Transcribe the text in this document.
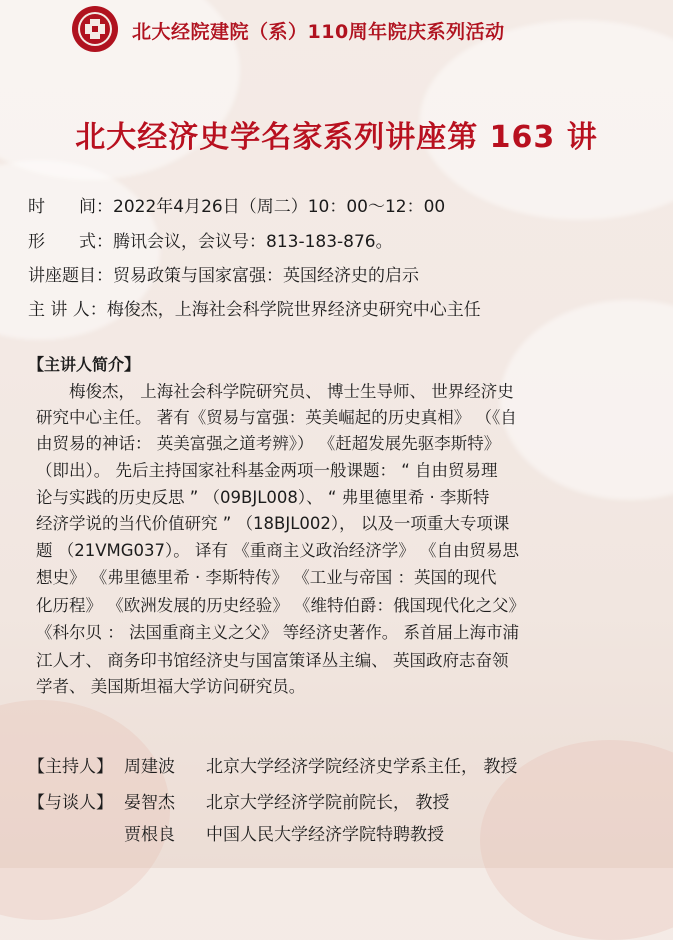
北大经院建院（系）110周年院庆系列活动
北大经济史学名家系列讲座第 163 讲
时　　间：2022年4月26日（周二）10：00～12：00
形　　式：腾讯会议，会议号：813-183-876。
讲座题目：贸易政策与国家富强：英国经济史的启示
主 讲 人：梅俊杰，上海社会科学院世界经济史研究中心主任
【主讲人简介】
　　梅俊杰， 上海社会科学院研究员、 博士生导师、 世界经济史
研究中心主任。 著有《贸易与富强：英美崛起的历史真相》 （《自
由贸易的神话： 英美富强之道考辨》） 《赶超发展先驱李斯特》
（即出）。 先后主持国家社科基金两项一般课题： “ 自由贸易理
论与实践的历史反思 ” （09BJL008）、 “ 弗里德里希 · 李斯特
经济学说的当代价值研究 ” （18BJL002）， 以及一项重大专项课
题 （21VMG037）。 译有 《重商主义政治经济学》 《自由贸易思
想史》 《弗里德里希 · 李斯特传》 《工业与帝国 ：英国的现代
化历程》 《欧洲发展的历史经验》 《维特伯爵：俄国现代化之父》
《科尔贝 ： 法国重商主义之父》 等经济史著作。 系首届上海市浦
江人才、 商务印书馆经济史与国富策译丛主编、 英国政府志奋领
学者、 美国斯坦福大学访问研究员。
【主持人】 周建波 北京大学经济学院经济史学系主任， 教授
【与谈人】 晏智杰 北京大学经济学院前院长， 教授
贾根良 中国人民大学经济学院特聘教授
